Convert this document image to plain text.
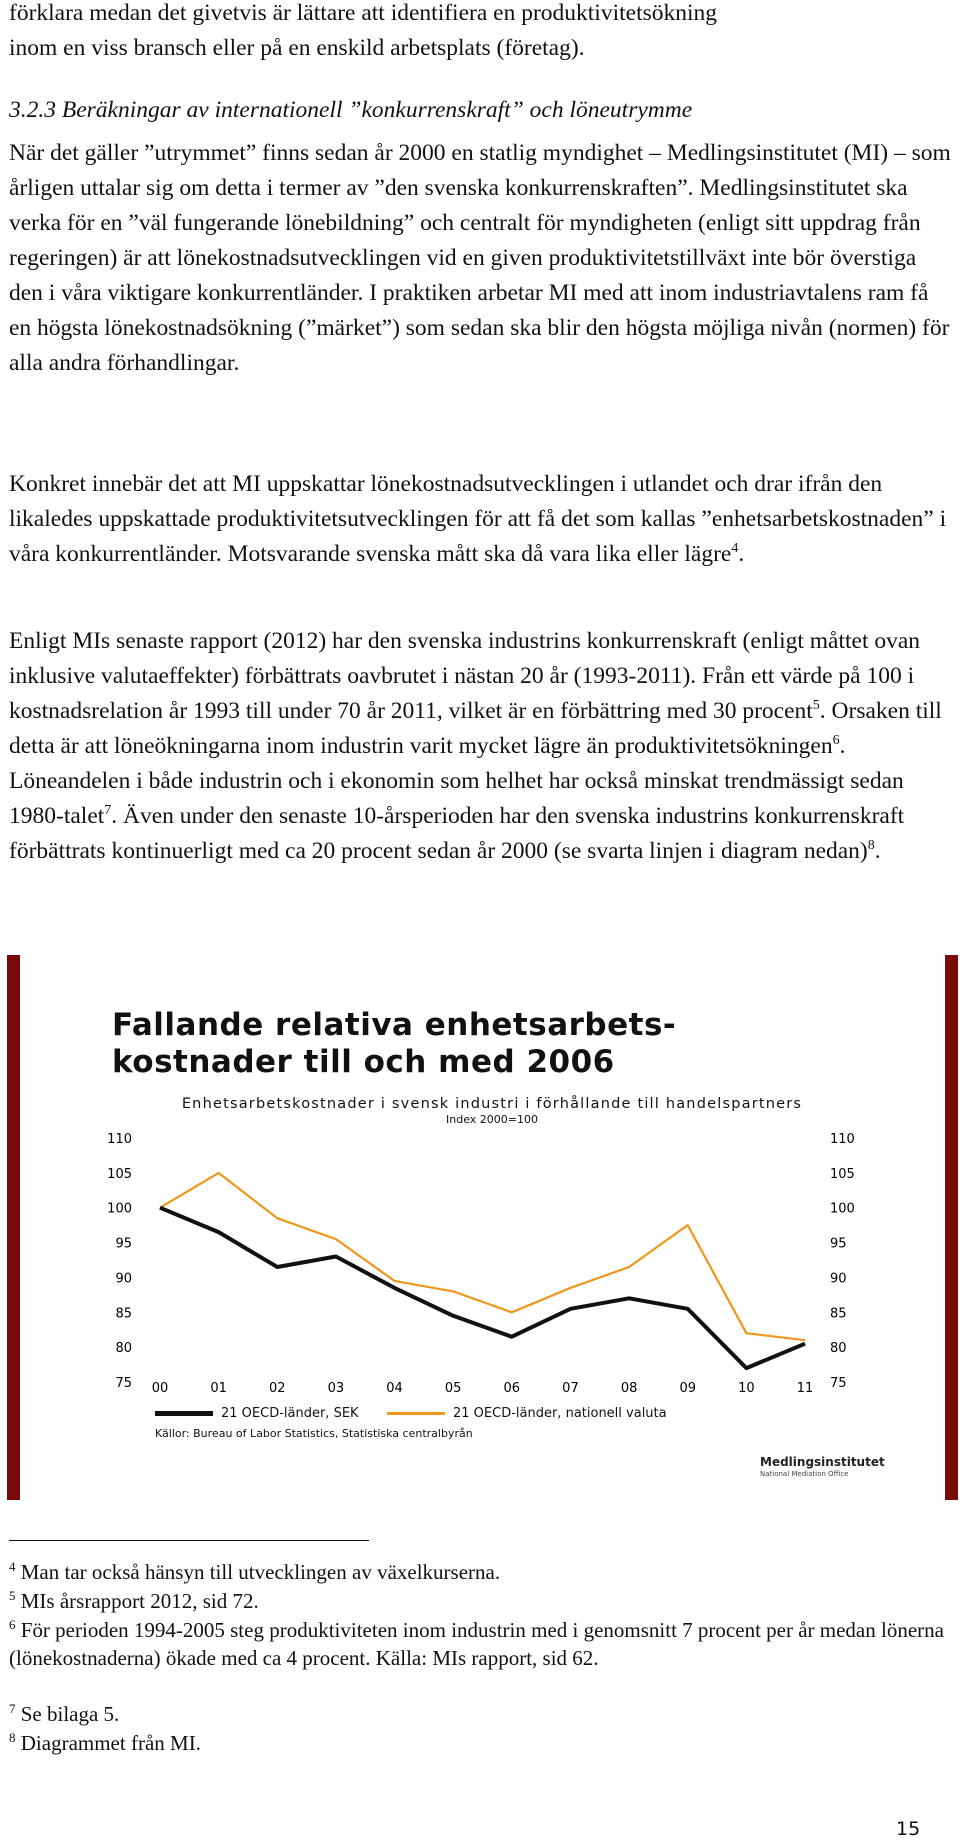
förklara medan det givetvis är lättare att identifiera en produktivitetsökning

inom en viss bransch eller på en enskild arbetsplats (företag).

3.2.3 Beräkningar av internationell ”konkurrenskraft” och löneutrymme

När det gäller ”utrymmet” finns sedan år 2000 en statlig myndighet – Medlingsinstitutet (MI) – som årligen uttalar sig om detta i termer av ”den svenska konkurrenskraften”. Medlingsinstitutet ska verka för en ”väl fungerande lönebildning” och centralt för myndigheten (enligt sitt uppdrag från regeringen) är att lönekostnadsutvecklingen vid en given produktivitetstillväxt inte bör överstiga den i våra viktigare konkurrentländer. I praktiken arbetar MI med att inom industriavtalens ram få en högsta lönekostnadsökning (”märket”) som sedan ska blir den högsta möjliga nivån (normen) för alla andra förhandlingar.

Konkret innebär det att MI uppskattar lönekostnadsutvecklingen i utlandet och drar ifrån den likaledes uppskattade produktivitetsutvecklingen för att få det som kallas ”enhetsarbetskostnaden” i våra konkurrentländer. Motsvarande svenska mått ska då vara lika eller lägre$^4$.

Enligt MIs senaste rapport (2012) har den svenska industrins konkurrenskraft (enligt måttet ovan inklusive valutaeffekter) förbättrats oavbrutet i nästan 20 år (1993-2011). Från ett värde på 100 i kostnadsrelation år 1993 till under 70 år 2011, vilket är en förbättring med 30 procent$^5$. Orsaken till detta är att löneökningarna inom industrin varit mycket lägre än produktivitetsökningen$^6$. Löneandelen i både industrin och i ekonomin som helhet har också minskat trendmässigt sedan 1980-talet$^7$. Även under den senaste 10-årsperioden har den svenska industrins konkurrenskraft förbättrats kontinuerligt med ca 20 procent sedan år 2000 (se svarta linjen i diagram nedan)$^8$.

Fallande relativa enhetsarbets-
kostnader till och med 2006
Enhetsarbetskostnader i svensk industri i förhållande till handelspartners
Index 2000=100
75	75
80	80
85	85
90	90
95	95
100	100
105	105
110	110
00	01	02	03	04	05	06	07	08	09	10	11
21 OECD-länder, SEK	21 OECD-länder, nationell valuta
Källor: Bureau of Labor Statistics, Statistiska centralbyrån
Medlingsinstitutet
National Mediation Office

$^4$ Man tar också hänsyn till utvecklingen av växelkurserna.

$^5$ MIs årsrapport 2012, sid 72.

$^6$ För perioden 1994-2005 steg produktiviteten inom industrin med i genomsnitt 7 procent per år medan lönerna (lönekostnaderna) ökade med ca 4 procent. Källa: MIs rapport, sid 62.

$^7$ Se bilaga 5.

$^8$ Diagrammet från MI.

15
